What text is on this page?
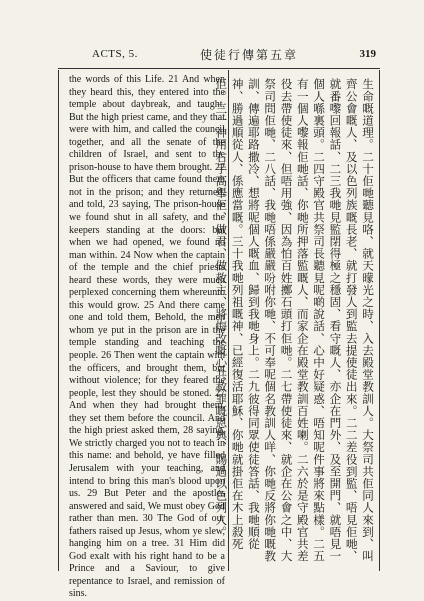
ACTS, 5.	使徒行傳第五章	319

the words of this Life. 21 And when they heard this, they entered into the temple about daybreak, and taught. But the high priest came, and they that were with him, and called the council together, and all the senate of the children of Israel, and sent to the prison-house to have them brought. 22 But the officers that came found them not in the prison; and they returned, and told, 23 saying, The prison-house we found shut in all safety, and the keepers standing at the doors: but when we had opened, we found no man within. 24 Now when the captain of the temple and the chief priests heard these words, they were much perplexed concerning them whereunto this would grow. 25 And there came one and told them, Behold, the men whom ye put in the prison are in the temple standing and teaching the people. 26 Then went the captain with the officers, and brought them, but without violence; for they feared the people, lest they should be stoned. 27 And when they had brought them, they set them before the council. And the high priest asked them, 28 saying, We strictly charged you not to teach in this name: and behold, ye have filled Jerusalem with your teaching, and intend to bring this man's blood upon us. 29 But Peter and the apostles answered and said, We must obey God rather than men. 30 The God of our fathers raised up Jesus, whom ye slew, hanging him on a tree. 31 Him did God exalt with his right hand to be a Prince and a Saviour, to give repentance to Israel, and remission of sins.

生命嘅道理。二十佢哋聽見咯、就天曚光之時、入去殿堂教訓人。大祭司共佢同人來到、叫齊公會嘅人、及以色列族嘅長老、就打發人到監去提使徒出來。二二差役到監、唔見佢哋、就番嚟回報話、二三我哋見監閉得極之穩固、看守嘅人、亦企在門外、及至開門、就唔見一個人喺裏頭。二四守殿官共祭司長聽見呢啲說話、心中好疑惑、唔知呢件事將來點樣。二五有一個人嚟報佢哋話、你哋所押落監嘅人、而家企在殿堂教訓百姓喇。二六於是守殿官共差役去帶使徒來、但唔用強、因為怕百姓擲石頭打佢哋。二七帶使徒來、就企在公會之中、大祭司問佢哋、二八話、我哋唔係嚴嚴吩咐你哋、不可奉呢個名教訓人咩、你哋反將你哋嘅教訓、傳遍耶路撒冷、想將呢個人嘅血、歸到我哋身上。二九彼得同眾使徒答話、我哋順從神、勝過順從人、係應當嘅。三十我哋列祖嘅神、已經復活耶穌、你哋就掛佢在木上殺死佢。三一神用右手高舉佢、做君、做救主、將悔改嘅心共赦罪嘅恩典、賜過以色列人。
